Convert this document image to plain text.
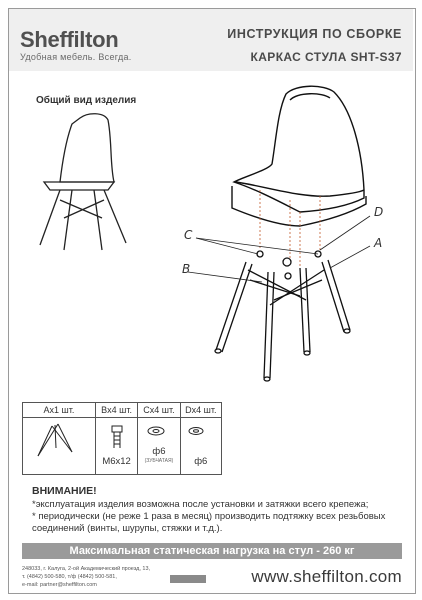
Sheffilton
Удобная мебель. Всегда.
ИНСТРУКЦИЯ ПО СБОРКЕ
КАРКАС СТУЛА SHT-S37
Общий вид изделия
C
B
D
A
Ax1 шт.	Bx4 шт.
M6x12
Cx4 шт.
ф6
(ЗУБЧАТАЯ)
Dx4 шт.
ф6
ВНИМАНИЕ!
*эксплуатация изделия возможна после установки и затяжки всего крепежа;
* периодически (не реже 1 раза в месяц) производить подтяжку всех резьбовых
соединений (винты, шурупы, стяжки и т.д.).
Максимальная статическая нагрузка на стул - 260 кг
248033, г. Калуга, 2-ой Академический проезд, 13,
т. (4842) 500-580, т/ф (4842) 500-581,
e-mail: partner@sheffilton.com	www.sheffilton.com
